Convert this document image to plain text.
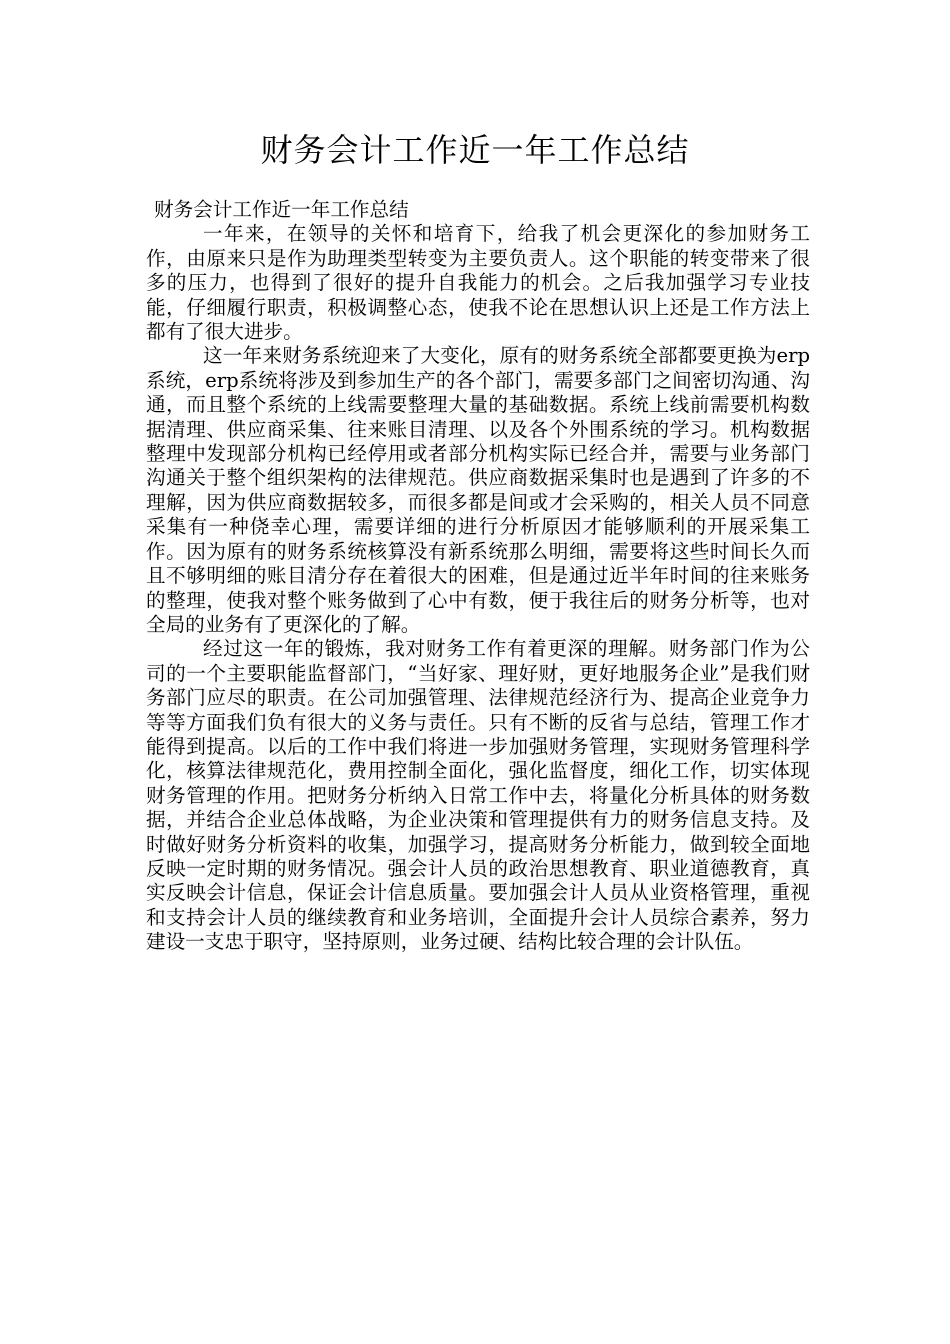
财务会计工作近一年工作总结

财务会计工作近一年工作总结

一年来，在领导的关怀和培育下，给我了机会更深化的参加财务工作，由原来只是作为助理类型转变为主要负责人。这个职能的转变带来了很多的压力，也得到了很好的提升自我能力的机会。之后我加强学习专业技能，仔细履行职责，积极调整心态，使我不论在思想认识上还是工作方法上都有了很大进步。

这一年来财务系统迎来了大变化，原有的财务系统全部都要更换为erp系统，erp系统将涉及到参加生产的各个部门，需要多部门之间密切沟通、沟通，而且整个系统的上线需要整理大量的基础数据。系统上线前需要机构数据清理、供应商采集、往来账目清理、以及各个外围系统的学习。机构数据整理中发现部分机构已经停用或者部分机构实际已经合并，需要与业务部门沟通关于整个组织架构的法律规范。供应商数据采集时也是遇到了许多的不理解，因为供应商数据较多，而很多都是间或才会采购的，相关人员不同意采集有一种侥幸心理，需要详细的进行分析原因才能够顺利的开展采集工作。因为原有的财务系统核算没有新系统那么明细，需要将这些时间长久而且不够明细的账目清分存在着很大的困难，但是通过近半年时间的往来账务的整理，使我对整个账务做到了心中有数，便于我往后的财务分析等，也对全局的业务有了更深化的了解。

经过这一年的锻炼，我对财务工作有着更深的理解。财务部门作为公司的一个主要职能监督部门，“当好家、理好财，更好地服务企业”是我们财务部门应尽的职责。在公司加强管理、法律规范经济行为、提高企业竞争力等等方面我们负有很大的义务与责任。只有不断的反省与总结，管理工作才能得到提高。以后的工作中我们将进一步加强财务管理，实现财务管理科学化，核算法律规范化，费用控制全面化，强化监督度，细化工作，切实体现财务管理的作用。把财务分析纳入日常工作中去，将量化分析具体的财务数据，并结合企业总体战略，为企业决策和管理提供有力的财务信息支持。及时做好财务分析资料的收集，加强学习，提高财务分析能力，做到较全面地反映一定时期的财务情况。强会计人员的政治思想教育、职业道德教育，真实反映会计信息，保证会计信息质量。要加强会计人员从业资格管理，重视和支持会计人员的继续教育和业务培训，全面提升会计人员综合素养，努力建设一支忠于职守，坚持原则，业务过硬、结构比较合理的会计队伍。
